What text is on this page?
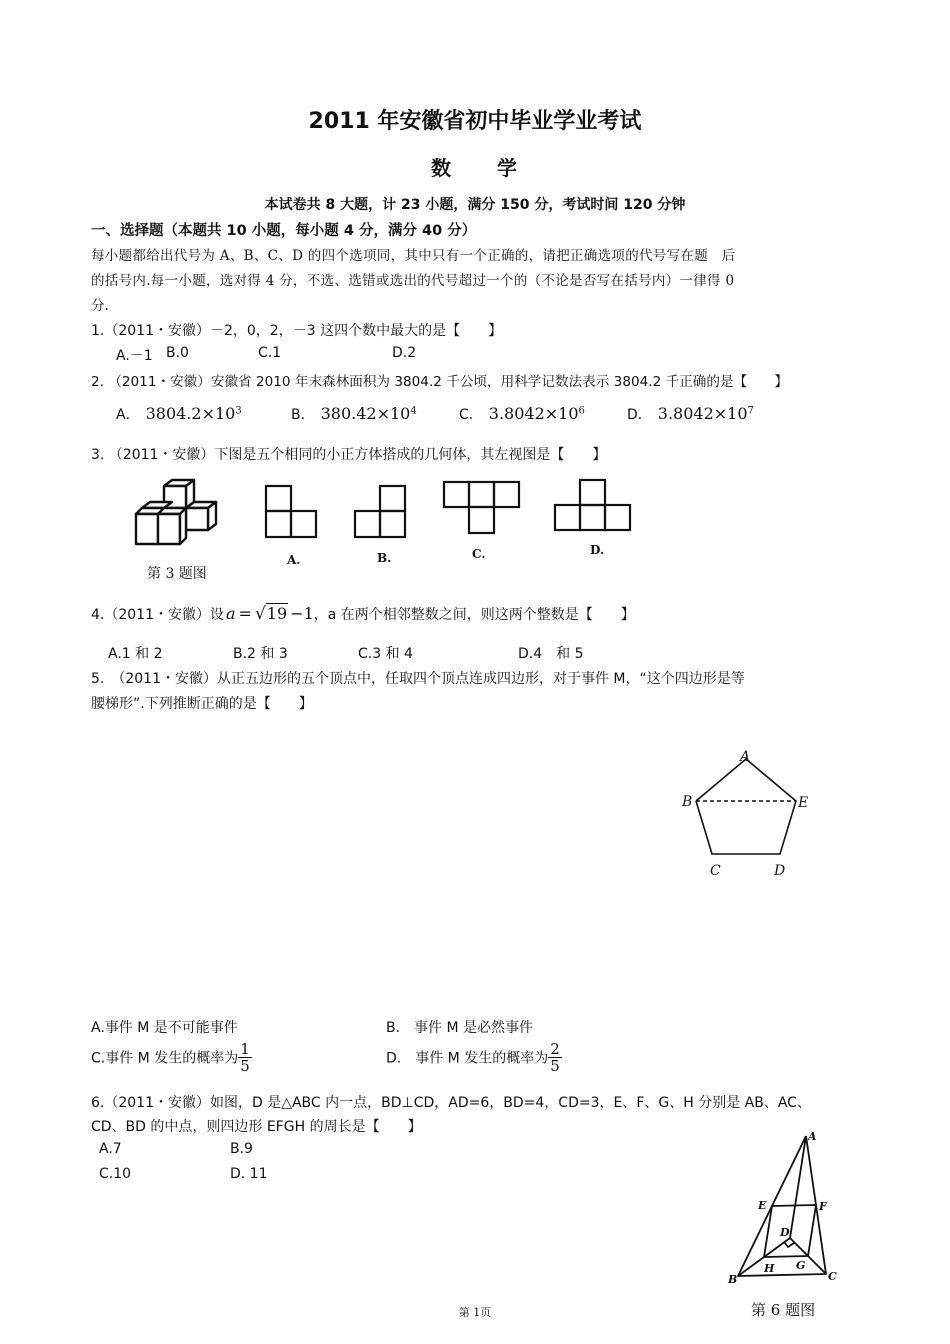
2011 年安徽省初中毕业学业考试
数　　学
本试卷共 8 大题，计 23 小题，满分 150 分，考试时间 120 分钟
一、选择题（本题共 10 小题，每小题 4 分，满分 40 分）
每小题都给出代号为 A、B、C、D 的四个选项同，其中只有一个正确的，请把正确选项的代号写在题　后
的括号内.每一小题，选对得 4 分，不选、选错或选出的代号超过一个的（不论是否写在括号内）一律得 0
分.
1.（2011・安徽）－2，0，2，－3 这四个数中最大的是【　　】
A.－1 B.0	C.1	D.2
2. （2011・安徽）安徽省 2010 年末森林面积为 3804.2 千公顷，用科学记数法表示 3804.2 千正确的是【　　】
A． $3804.2\times 10^3$	B． $380.42\times 10^4$	C． $3.8042\times 10^6$	D． $3.8042\times 10^7$
3. （2011・安徽）下图是五个相同的小正方体搭成的几何体，其左视图是【　　】
第 3 题图
A.	B.	C.	D.
4.（2011・安徽）设 a = √19 −1，a 在两个相邻整数之间，则这两个整数是【　　】
A.1 和 2	B.2 和 3	C.3 和 4	D.4　和 5
5.　（2011・安徽）从正五边形的五个顶点中，任取四个顶点连成四边形，对于事件 M，“这个四边形是等
腰梯形”.下列推断正确的是【　　】
A
B	E
C	D
A.事件 M 是不可能事件	B.　事件 M 是必然事件
C.事件 M 发生的概率为 $\frac{1}{5}$	D.　事件 M 发生的概率为 $\frac{2}{5}$
6.（2011・安徽）如图，D 是△ABC 内一点，BD⊥CD，AD=6，BD=4，CD=3，E、F、G、H 分别是 AB、AC、
CD、BD 的中点，则四边形 EFGH 的周长是【　　】
A.7	B.9
C.10	D. 11
A
E	F
D
H G
B	C
第 6 题图
第 1页
